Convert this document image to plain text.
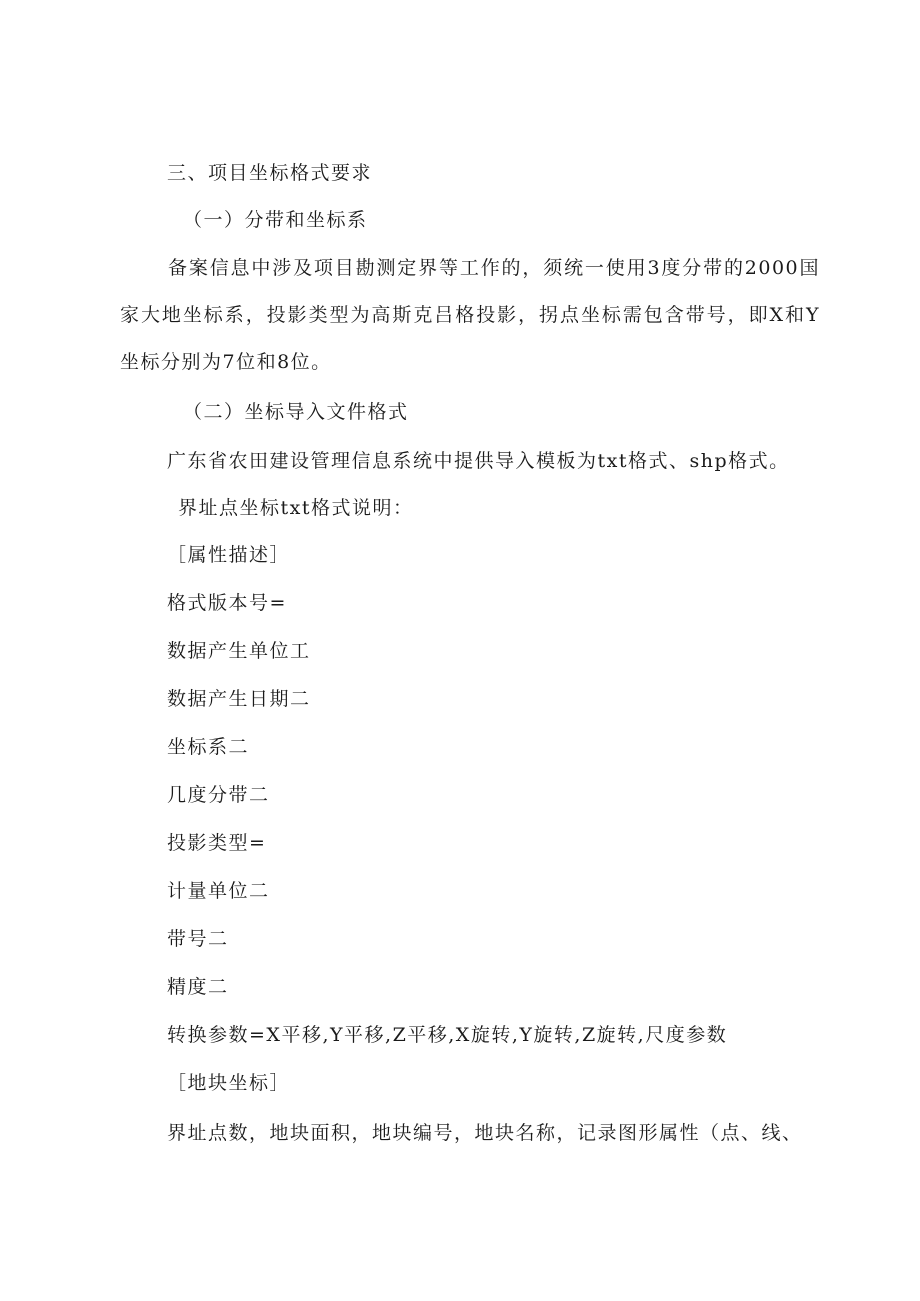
三、项目坐标格式要求
（一）分带和坐标系
备案信息中涉及项目勘测定界等工作的，须统一使用3度分带的2000国家大地坐标系，投影类型为高斯克吕格投影，拐点坐标需包含带号，即X和Y坐标分别为7位和8位。
（二）坐标导入文件格式
广东省农田建设管理信息系统中提供导入模板为txt格式、shp格式。
界址点坐标txt格式说明：
［属性描述］
格式版本号=
数据产生单位工
数据产生日期二
坐标系二
几度分带二
投影类型=
计量单位二
带号二
精度二
转换参数=X平移,Y平移,Z平移,X旋转,Y旋转,Z旋转,尺度参数
［地块坐标］
界址点数，地块面积，地块编号，地块名称，记录图形属性（点、线、
